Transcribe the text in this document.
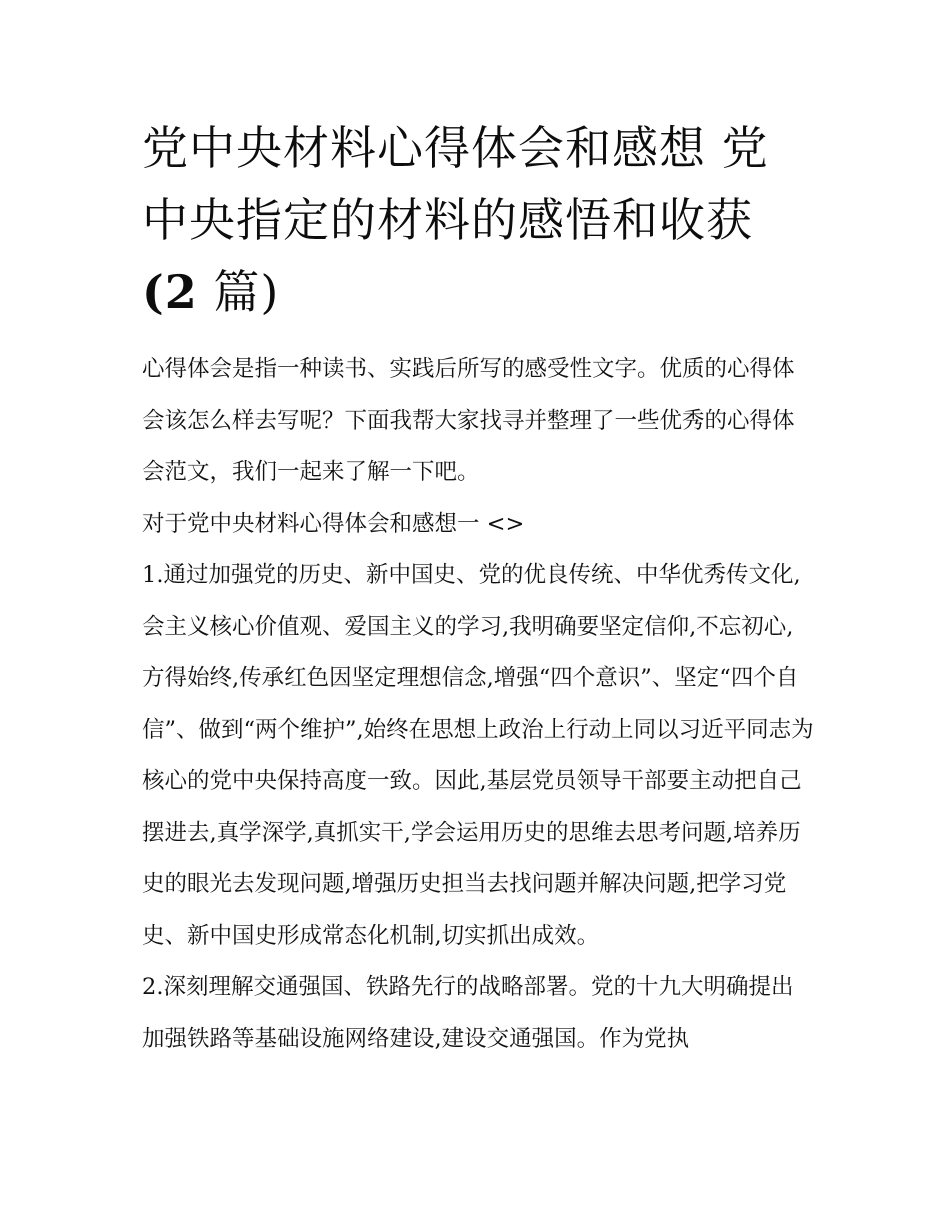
党中央材料心得体会和感想 党
中央指定的材料的感悟和收获
(2 篇)

心得体会是指一种读书、实践后所写的感受性文字。优质的心得体会该怎么样去写呢？下面我帮大家找寻并整理了一些优秀的心得体会范文，我们一起来了解一下吧。

对于党中央材料心得体会和感想一 <>

1.通过加强党的历史、新中国史、党的优良传统、中华优秀传文化,会主义核心价值观、爱国主义的学习,我明确要坚定信仰,不忘初心,方得始终,传承红色因坚定理想信念,增强“四个意识”、坚定“四个自信”、做到“两个维护”,始终在思想上政治上行动上同以习近平同志为核心的党中央保持高度一致。因此,基层党员领导干部要主动把自己摆进去,真学深学,真抓实干,学会运用历史的思维去思考问题,培养历史的眼光去发现问题,增强历史担当去找问题并解决问题,把学习党史、新中国史形成常态化机制,切实抓出成效。

2.深刻理解交通强国、铁路先行的战略部署。党的十九大明确提出加强铁路等基础设施网络建设,建设交通强国。作为党执
